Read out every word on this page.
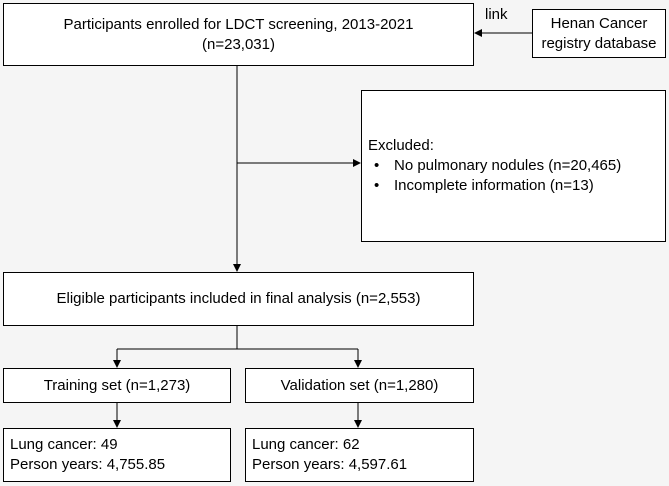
link
Participants enrolled for LDCT screening, 2013-2021
(n=23,031)
Henan Cancer
registry database
Excluded:
• No pulmonary nodules (n=20,465)
• Incomplete information (n=13)
Eligible participants included in final analysis (n=2,553)
Training set (n=1,273)	Validation set (n=1,280)
Lung cancer: 49
Person years: 4,755.85
Lung cancer: 62
Person years: 4,597.61
